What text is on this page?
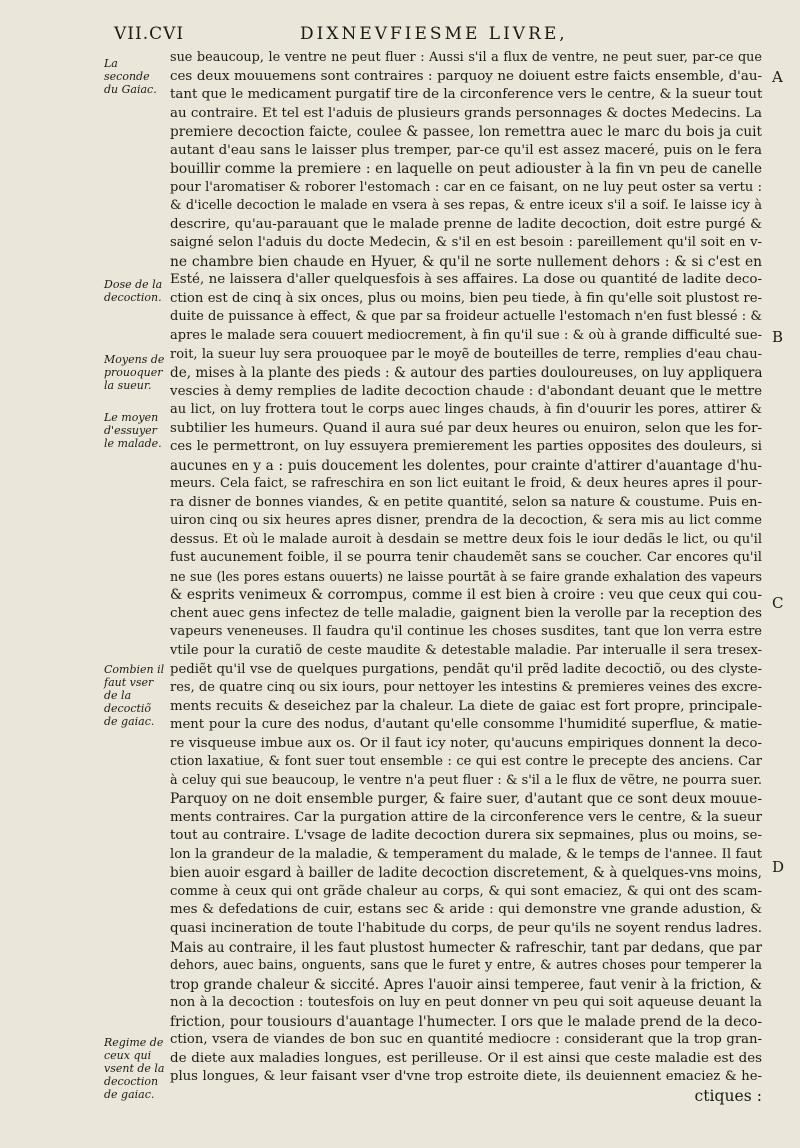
VII.CVI	DIXNEVFIESME LIVRE,
La seconde du Gaiac.
Dose de la decoction.
Moyens de prouoquer la sueur.
Le moyen d'essuyer le malade.
Combien il faut vser de la decoctiõ de gaiac.
Regime de ceux qui vsent de la decoction de gaiac.
A
B
C
D
sue beaucoup, le ventre ne peut fluer : Aussi s'il a flux de ventre, ne peut suer, par-ce que
ces deux mouuemens sont contraires : parquoy ne doiuent estre faicts ensemble, d'au-
tant que le medicament purgatif tire de la circonference vers le centre, & la sueur tout
au contraire. Et tel est l'aduis de plusieurs grands personnages & doctes Medecins. La
premiere decoction faicte, coulee & passee, lon remettra auec le marc du bois ja cuit
autant d'eau sans le laisser plus tremper, par-ce qu'il est assez maceré, puis on le fera
bouillir comme la premiere : en laquelle on peut adiouster à la fin vn peu de canelle
pour l'aromatiser & roborer l'estomach : car en ce faisant, on ne luy peut oster sa vertu :
& d'icelle decoction le malade en vsera à ses repas, & entre iceux s'il a soif. Ie laisse icy à
descrire, qu'au-parauant que le malade prenne de ladite decoction, doit estre purgé &
saigné selon l'aduis du docte Medecin, & s'il en est besoin : pareillement qu'il soit en v-
ne chambre bien chaude en Hyuer, & qu'il ne sorte nullement dehors : & si c'est en
Esté, ne laissera d'aller quelquesfois à ses affaires. La dose ou quantité de ladite deco-
ction est de cinq à six onces, plus ou moins, bien peu tiede, à fin qu'elle soit plustost re-
duite de puissance à effect, & que par sa froideur actuelle l'estomach n'en fust blessé : &
apres le malade sera couuert mediocrement, à fin qu'il sue : & où à grande difficulté sue-
roit, la sueur luy sera prouoquee par le moyẽ de bouteilles de terre, remplies d'eau chau-
de, mises à la plante des pieds : & autour des parties douloureuses, on luy appliquera
vescies à demy remplies de ladite decoction chaude : d'abondant deuant que le mettre
au lict, on luy frottera tout le corps auec linges chauds, à fin d'ouurir les pores, attirer &
subtilier les humeurs. Quand il aura sué par deux heures ou enuiron, selon que les for-
ces le permettront, on luy essuyera premierement les parties opposites des douleurs, si
aucunes en y a : puis doucement les dolentes, pour crainte d'attirer d'auantage d'hu-
meurs. Cela faict, se rafreschira en son lict euitant le froid, & deux heures apres il pour-
ra disner de bonnes viandes, & en petite quantité, selon sa nature & coustume. Puis en-
uiron cinq ou six heures apres disner, prendra de la decoction, & sera mis au lict comme
dessus. Et où le malade auroit à desdain se mettre deux fois le iour dedãs le lict, ou qu'il
fust aucunement foible, il se pourra tenir chaudemẽt sans se coucher. Car encores qu'il
ne sue (les pores estans ouuerts) ne laisse pourtãt à se faire grande exhalation des vapeurs
& esprits venimeux & corrompus, comme il est bien à croire : veu que ceux qui cou-
chent auec gens infectez de telle maladie, gaignent bien la verolle par la reception des
vapeurs veneneuses. Il faudra qu'il continue les choses susdites, tant que lon verra estre
vtile pour la curatiõ de ceste maudite & detestable maladie. Par interualle il sera tresex-
pediẽt qu'il vse de quelques purgations, pendãt qu'il prẽd ladite decoctiõ, ou des clyste-
res, de quatre cinq ou six iours, pour nettoyer les intestins & premieres veines des excre-
ments recuits & deseichez par la chaleur. La diete de gaiac est fort propre, principale-
ment pour la cure des nodus, d'autant qu'elle consomme l'humidité superflue, & matie-
re visqueuse imbue aux os. Or il faut icy noter, qu'aucuns empiriques donnent la deco-
ction laxatiue, & font suer tout ensemble : ce qui est contre le precepte des anciens. Car
à celuy qui sue beaucoup, le ventre n'a peut fluer : & s'il a le flux de vẽtre, ne pourra suer.
Parquoy on ne doit ensemble purger, & faire suer, d'autant que ce sont deux mouue-
ments contraires. Car la purgation attire de la circonference vers le centre, & la sueur
tout au contraire. L'vsage de ladite decoction durera six sepmaines, plus ou moins, se-
lon la grandeur de la maladie, & temperament du malade, & le temps de l'annee. Il faut
bien auoir esgard à bailler de ladite decoction discretement, & à quelques-vns moins,
comme à ceux qui ont grãde chaleur au corps, & qui sont emaciez, & qui ont des scam-
mes & defedations de cuir, estans sec & aride : qui demonstre vne grande adustion, &
quasi incineration de toute l'habitude du corps, de peur qu'ils ne soyent rendus ladres.
Mais au contraire, il les faut plustost humecter & rafreschir, tant par dedans, que par
dehors, auec bains, onguents, sans que le furet y entre, & autres choses pour temperer la
trop grande chaleur & siccité. Apres l'auoir ainsi temperee, faut venir à la friction, &
non à la decoction : toutesfois on luy en peut donner vn peu qui soit aqueuse deuant la
friction, pour tousiours d'auantage l'humecter. I ors que le malade prend de la deco-
ction, vsera de viandes de bon suc en quantité mediocre : considerant que la trop gran-
de diete aux maladies longues, est perilleuse. Or il est ainsi que ceste maladie est des
plus longues, & leur faisant vser d'vne trop estroite diete, ils deuiennent emaciez & he-
ctiques :
